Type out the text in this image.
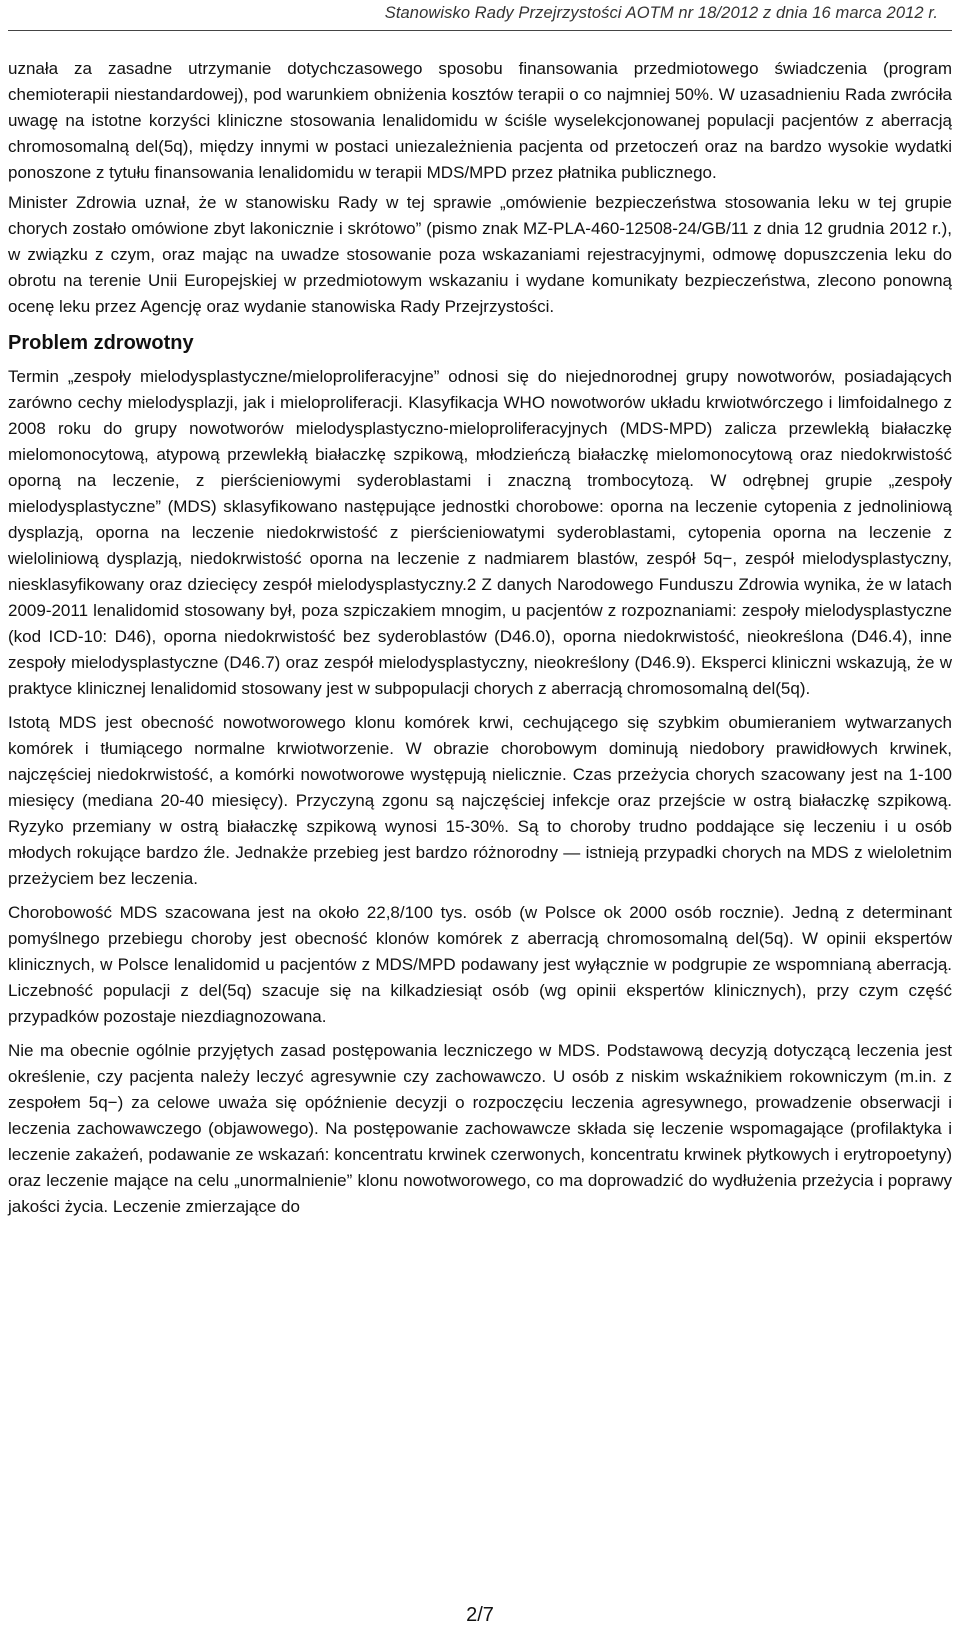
Stanowisko Rady Przejrzystości AOTM nr 18/2012 z dnia 16 marca 2012 r.

uznała za zasadne utrzymanie dotychczasowego sposobu finansowania przedmiotowego świadczenia (program chemioterapii niestandardowej), pod warunkiem obniżenia kosztów terapii o co najmniej 50%. W uzasadnieniu Rada zwróciła uwagę na istotne korzyści kliniczne stosowania lenalidomidu w ściśle wyselekcjonowanej populacji pacjentów z aberracją chromosomalną del(5q), między innymi w postaci uniezależnienia pacjenta od przetoczeń oraz na bardzo wysokie wydatki ponoszone z tytułu finansowania lenalidomidu w terapii MDS/MPD przez płatnika publicznego.

Minister Zdrowia uznał, że w stanowisku Rady w tej sprawie „omówienie bezpieczeństwa stosowania leku w tej grupie chorych zostało omówione zbyt lakonicznie i skrótowo” (pismo znak MZ-PLA-460-12508-24/GB/11 z dnia 12 grudnia 2012 r.), w związku z czym, oraz mając na uwadze stosowanie poza wskazaniami rejestracyjnymi, odmowę dopuszczenia leku do obrotu na terenie Unii Europejskiej w przedmiotowym wskazaniu i wydane komunikaty bezpieczeństwa, zlecono ponowną ocenę leku przez Agencję oraz wydanie stanowiska Rady Przejrzystości.

Problem zdrowotny

Termin „zespoły mielodysplastyczne/mieloproliferacyjne” odnosi się do niejednorodnej grupy nowotworów, posiadających zarówno cechy mielodysplazji, jak i mieloproliferacji. Klasyfikacja WHO nowotworów układu krwiotwórczego i limfoidalnego z 2008 roku do grupy nowotworów mielodysplastyczno-mieloproliferacyjnych (MDS-MPD) zalicza przewlekłą białaczkę mielomonocytową, atypową przewlekłą białaczkę szpikową, młodzieńczą białaczkę mielomonocytową oraz niedokrwistość oporną na leczenie, z pierścieniowymi syderoblastami i znaczną trombocytozą. W odrębnej grupie „zespoły mielodysplastyczne” (MDS) sklasyfikowano następujące jednostki chorobowe: oporna na leczenie cytopenia z jednoliniową dysplazją, oporna na leczenie niedokrwistość z pierścieniowatymi syderoblastami, cytopenia oporna na leczenie z wieloliniową dysplazją, niedokrwistość oporna na leczenie z nadmiarem blastów, zespół 5q−, zespół mielodysplastyczny, niesklasyfikowany oraz dziecięcy zespół mielodysplastyczny.2 Z danych Narodowego Funduszu Zdrowia wynika, że w latach 2009-2011 lenalidomid stosowany był, poza szpiczakiem mnogim, u pacjentów z rozpoznaniami: zespoły mielodysplastyczne (kod ICD-10: D46), oporna niedokrwistość bez syderoblastów (D46.0), oporna niedokrwistość, nieokreślona (D46.4), inne zespoły mielodysplastyczne (D46.7) oraz zespół mielodysplastyczny, nieokreślony (D46.9). Eksperci kliniczni wskazują, że w praktyce klinicznej lenalidomid stosowany jest w subpopulacji chorych z aberracją chromosomalną del(5q).

Istotą MDS jest obecność nowotworowego klonu komórek krwi, cechującego się szybkim obumieraniem wytwarzanych komórek i tłumiącego normalne krwiotworzenie. W obrazie chorobowym dominują niedobory prawidłowych krwinek, najczęściej niedokrwistość, a komórki nowotworowe występują nielicznie. Czas przeżycia chorych szacowany jest na 1-100 miesięcy (mediana 20-40 miesięcy). Przyczyną zgonu są najczęściej infekcje oraz przejście w ostrą białaczkę szpikową. Ryzyko przemiany w ostrą białaczkę szpikową wynosi 15-30%. Są to choroby trudno poddające się leczeniu i u osób młodych rokujące bardzo źle. Jednakże przebieg jest bardzo różnorodny — istnieją przypadki chorych na MDS z wieloletnim przeżyciem bez leczenia.

Chorobowość MDS szacowana jest na około 22,8/100 tys. osób (w Polsce ok 2000 osób rocznie). Jedną z determinant pomyślnego przebiegu choroby jest obecność klonów komórek z aberracją chromosomalną del(5q). W opinii ekspertów klinicznych, w Polsce lenalidomid u pacjentów z MDS/MPD podawany jest wyłącznie w podgrupie ze wspomnianą aberracją. Liczebność populacji z del(5q) szacuje się na kilkadziesiąt osób (wg opinii ekspertów klinicznych), przy czym część przypadków pozostaje niezdiagnozowana.

Nie ma obecnie ogólnie przyjętych zasad postępowania leczniczego w MDS. Podstawową decyzją dotyczącą leczenia jest określenie, czy pacjenta należy leczyć agresywnie czy zachowawczo. U osób z niskim wskaźnikiem rokowniczym (m.in. z zespołem 5q−) za celowe uważa się opóźnienie decyzji o rozpoczęciu leczenia agresywnego, prowadzenie obserwacji i leczenia zachowawczego (objawowego). Na postępowanie zachowawcze składa się leczenie wspomagające (profilaktyka i leczenie zakażeń, podawanie ze wskazań: koncentratu krwinek czerwonych, koncentratu krwinek płytkowych i erytropoetyny) oraz leczenie mające na celu „unormalnienie” klonu nowotworowego, co ma doprowadzić do wydłużenia przeżycia i poprawy jakości życia. Leczenie zmierzające do

2/7
